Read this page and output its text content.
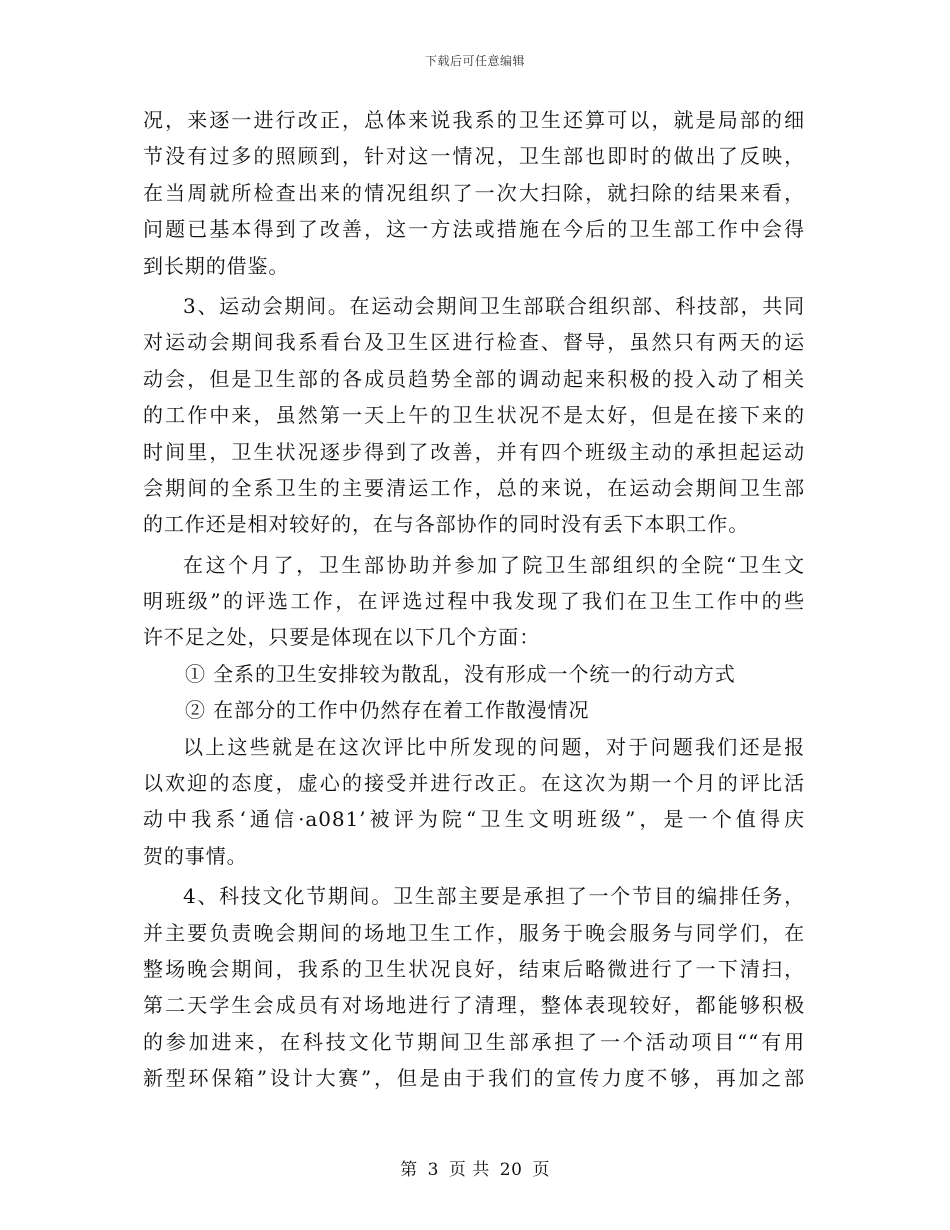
下载后可任意编辑
况，来逐一进行改正，总体来说我系的卫生还算可以，就是局部的细
节没有过多的照顾到，针对这一情况，卫生部也即时的做出了反映，
在当周就所检查出来的情况组织了一次大扫除，就扫除的结果来看，
问题已基本得到了改善，这一方法或措施在今后的卫生部工作中会得
到长期的借鉴。
3、运动会期间。在运动会期间卫生部联合组织部、科技部，共同
对运动会期间我系看台及卫生区进行检查、督导，虽然只有两天的运
动会，但是卫生部的各成员趋势全部的调动起来积极的投入动了相关
的工作中来，虽然第一天上午的卫生状况不是太好，但是在接下来的
时间里，卫生状况逐步得到了改善，并有四个班级主动的承担起运动
会期间的全系卫生的主要清运工作，总的来说，在运动会期间卫生部
的工作还是相对较好的，在与各部协作的同时没有丢下本职工作。
在这个月了，卫生部协助并参加了院卫生部组织的全院“卫生文
明班级”的评选工作，在评选过程中我发现了我们在卫生工作中的些
许不足之处，只要是体现在以下几个方面：
① 全系的卫生安排较为散乱，没有形成一个统一的行动方式
② 在部分的工作中仍然存在着工作散漫情况
以上这些就是在这次评比中所发现的问题，对于问题我们还是报
以欢迎的态度，虚心的接受并进行改正。在这次为期一个月的评比活
动中我系‘通信·a081’被评为院“卫生文明班级”，是一个值得庆
贺的事情。
4、科技文化节期间。卫生部主要是承担了一个节目的编排任务，
并主要负责晚会期间的场地卫生工作，服务于晚会服务与同学们，在
整场晚会期间，我系的卫生状况良好，结束后略微进行了一下清扫，
第二天学生会成员有对场地进行了清理，整体表现较好，都能够积极
的参加进来，在科技文化节期间卫生部承担了一个活动项目““有用
新型环保箱”设计大赛”，但是由于我们的宣传力度不够，再加之部
第 3 页 共 20 页
